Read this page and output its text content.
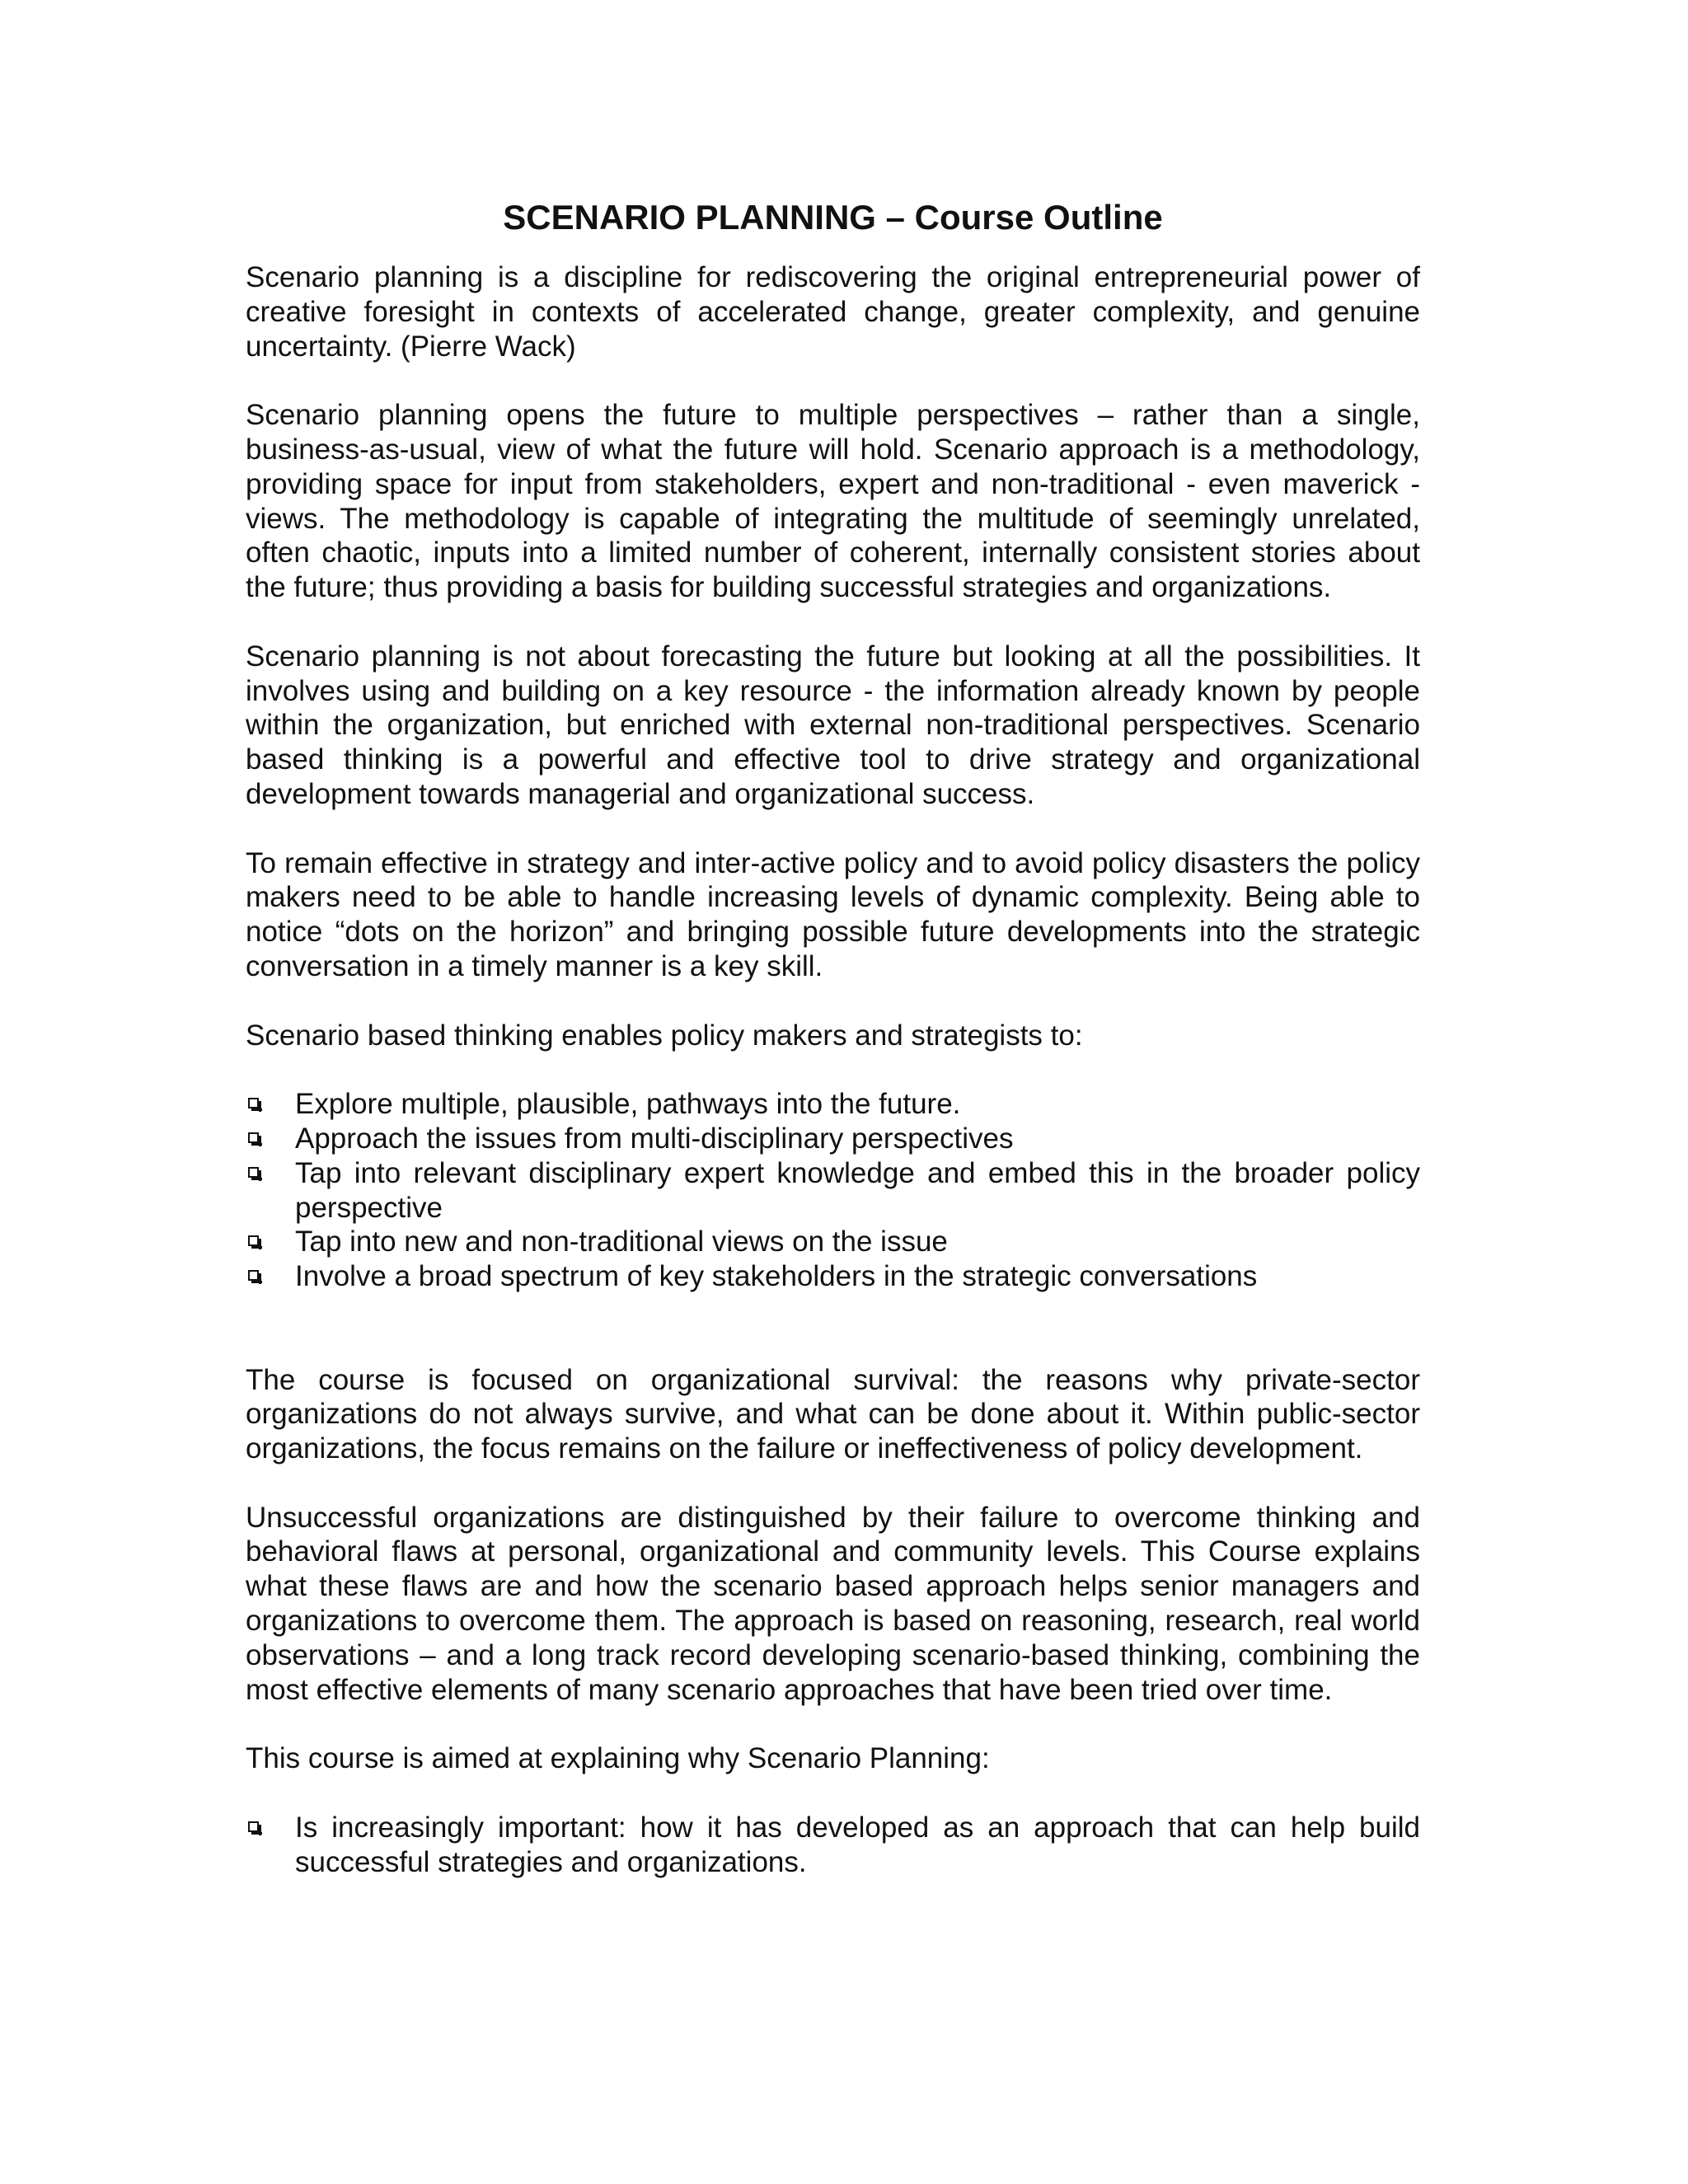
SCENARIO PLANNING – Course Outline

Scenario planning is a discipline for rediscovering the original entrepreneurial power of creative foresight in contexts of accelerated change, greater complexity, and genuine uncertainty. (Pierre Wack)

Scenario planning opens the future to multiple perspectives – rather than a single, business-as-usual, view of what the future will hold. Scenario approach is a methodology, providing space for input from stakeholders, expert and non-traditional - even maverick - views. The methodology is capable of integrating the multitude of seemingly unrelated, often chaotic, inputs into a limited number of coherent, internally consistent stories about the future; thus providing a basis for building successful strategies and organizations.

Scenario planning is not about forecasting the future but looking at all the possibilities. It involves using and building on a key resource - the information already known by people within the organization, but enriched with external non-traditional perspectives. Scenario based thinking is a powerful and effective tool to drive strategy and organizational development towards managerial and organizational success.

To remain effective in strategy and inter-active policy and to avoid policy disasters the policy makers need to be able to handle increasing levels of dynamic complexity. Being able to notice “dots on the horizon” and bringing possible future developments into the strategic conversation in a timely manner is a key skill.

Scenario based thinking enables policy makers and strategists to:

Explore multiple, plausible, pathways into the future.
Approach the issues from multi-disciplinary perspectives
Tap into relevant disciplinary expert knowledge and embed this in the broader policy perspective
Tap into new and non-traditional views on the issue
Involve a broad spectrum of key stakeholders in the strategic conversations

The course is focused on organizational survival: the reasons why private-sector organizations do not always survive, and what can be done about it. Within public-sector organizations, the focus remains on the failure or ineffectiveness of policy development.

Unsuccessful organizations are distinguished by their failure to overcome thinking and behavioral flaws at personal, organizational and community levels. This Course explains what these flaws are and how the scenario based approach helps senior managers and organizations to overcome them. The approach is based on reasoning, research, real world observations – and a long track record developing scenario-based thinking, combining the most effective elements of many scenario approaches that have been tried over time.

This course is aimed at explaining why Scenario Planning:

Is increasingly important: how it has developed as an approach that can help build successful strategies and organizations.
